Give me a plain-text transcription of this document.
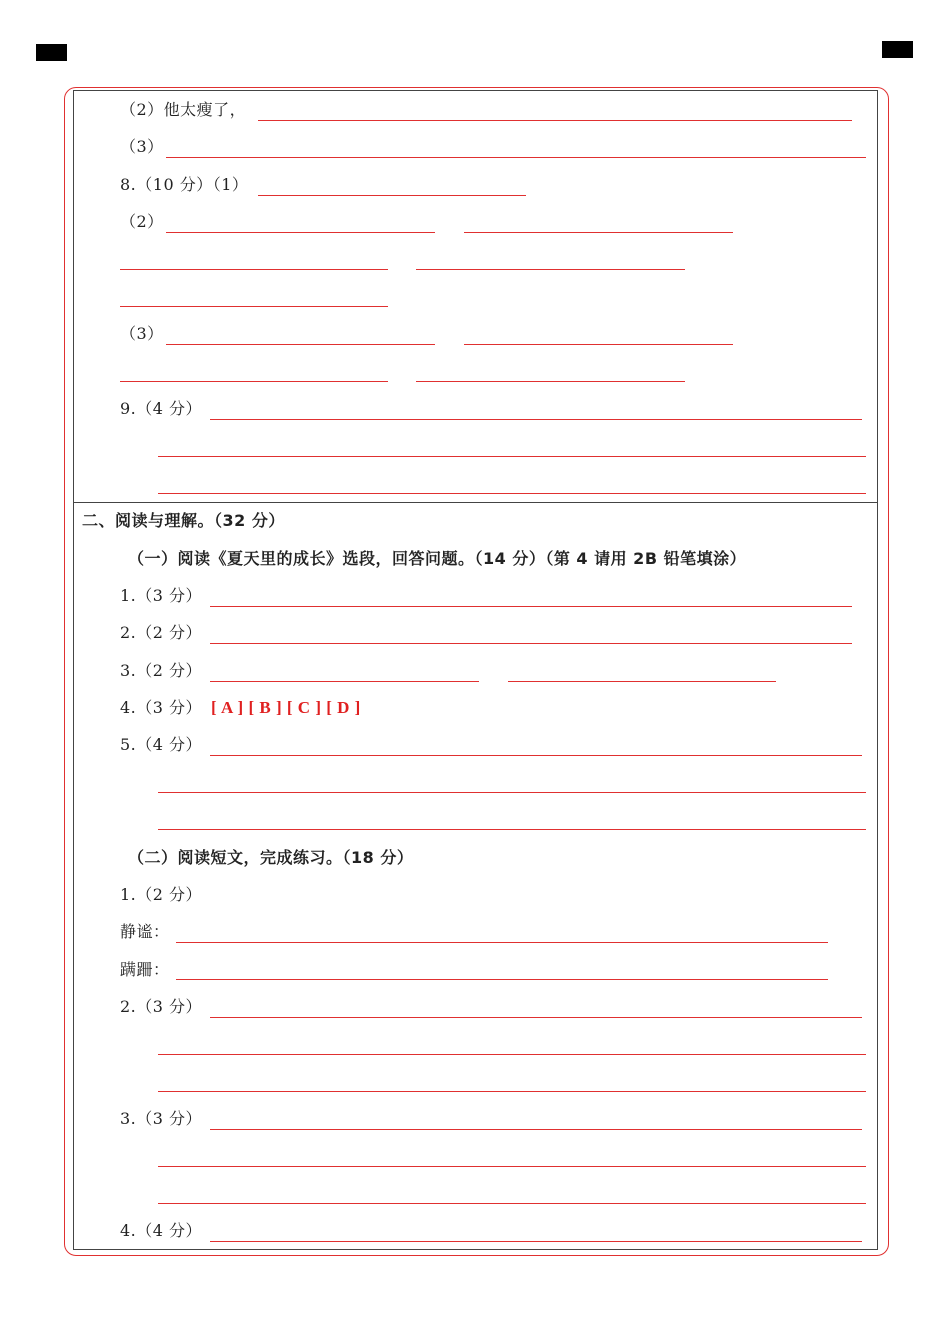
（2）他太瘦了，
（3）
8.（10 分）（1）
（2）
（3）
9.（4 分）
二、阅读与理解。（32 分）
（一）阅读《夏天里的成长》选段，回答问题。（14 分）（第 4 请用 2B 铅笔填涂）
1.（3 分）
2.（2 分）
3.（2 分）
4.（3 分） [ A ] [ B ] [ C ] [ D ]
5.（4 分）
（二）阅读短文，完成练习。（18 分）
1.（2 分）
静谧：
蹒跚：
2.（3 分）
3.（3 分）
4.（4 分）
